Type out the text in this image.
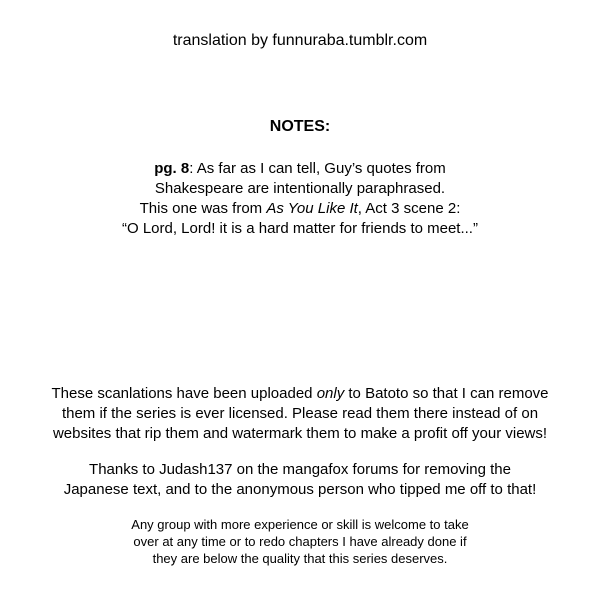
translation by funnuraba.tumblr.com
NOTES:
pg. 8: As far as I can tell, Guy’s quotes from
Shakespeare are intentionally paraphrased.
This one was from As You Like It, Act 3 scene 2:
“O Lord, Lord! it is a hard matter for friends to meet...”
These scanlations have been uploaded only to Batoto so that I can remove
them if the series is ever licensed. Please read them there instead of on
websites that rip them and watermark them to make a profit off your views!
Thanks to Judash137 on the mangafox forums for removing the
Japanese text, and to the anonymous person who tipped me off to that!
Any group with more experience or skill is welcome to take
over at any time or to redo chapters I have already done if
they are below the quality that this series deserves.
